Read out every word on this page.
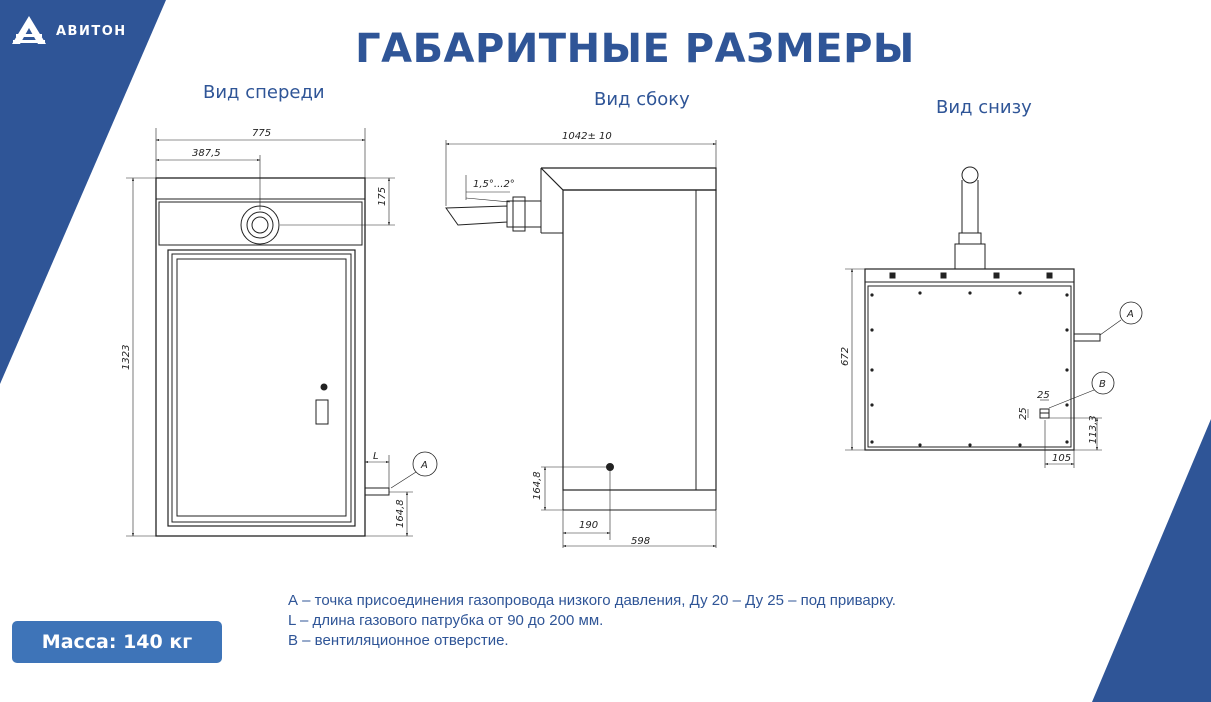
АВИТОН	ГАБАРИТНЫЕ РАЗМЕРЫ
Вид спереди	Вид сбоку	Вид снизу
775
387,5
175
1323
L
164,8
A
1042± 10
1,5°...2°
164,8
190
598
672
A
B
25
25
113,3
105
Масса: 140 кг

А – точка присоединения газопровода низкого давления, Ду 20 – Ду 25 – под приварку.

L – длина газового патрубка от 90 до 200 мм.

В – вентиляционное отверстие.
